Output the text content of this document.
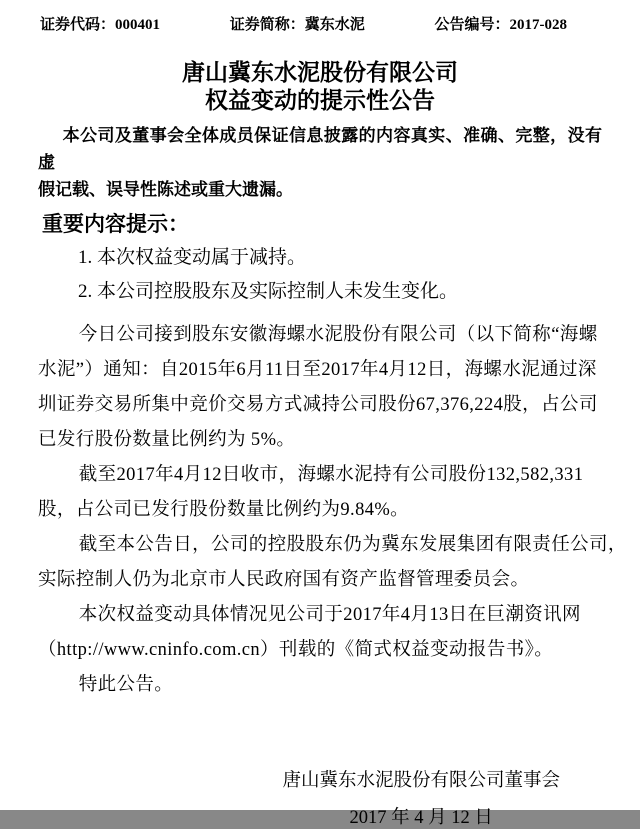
证券代码：000401	证券简称：冀东水泥	公告编号：2017-028
唐山冀东水泥股份有限公司
权益变动的提示性公告
本公司及董事会全体成员保证信息披露的内容真实、准确、完整，没有虚
假记载、误导性陈述或重大遗漏。
重要内容提示：
1. 本次权益变动属于减持。
2. 本公司控股股东及实际控制人未发生变化。
今日公司接到股东安徽海螺水泥股份有限公司（以下简称“海螺
水泥”）通知：自2015年6月11日至2017年4月12日，海螺水泥通过深
圳证券交易所集中竞价交易方式减持公司股份67,376,224股，占公司
已发行股份数量比例约为 5%。
截至2017年4月12日收市，海螺水泥持有公司股份132,582,331
股，占公司已发行股份数量比例约为9.84%。
截至本公告日，公司的控股股东仍为冀东发展集团有限责任公司，
实际控制人仍为北京市人民政府国有资产监督管理委员会。
本次权益变动具体情况见公司于2017年4月13日在巨潮资讯网
（http://www.cninfo.com.cn）刊载的《简式权益变动报告书》。
特此公告。
唐山冀东水泥股份有限公司董事会
2017 年 4 月 12 日
